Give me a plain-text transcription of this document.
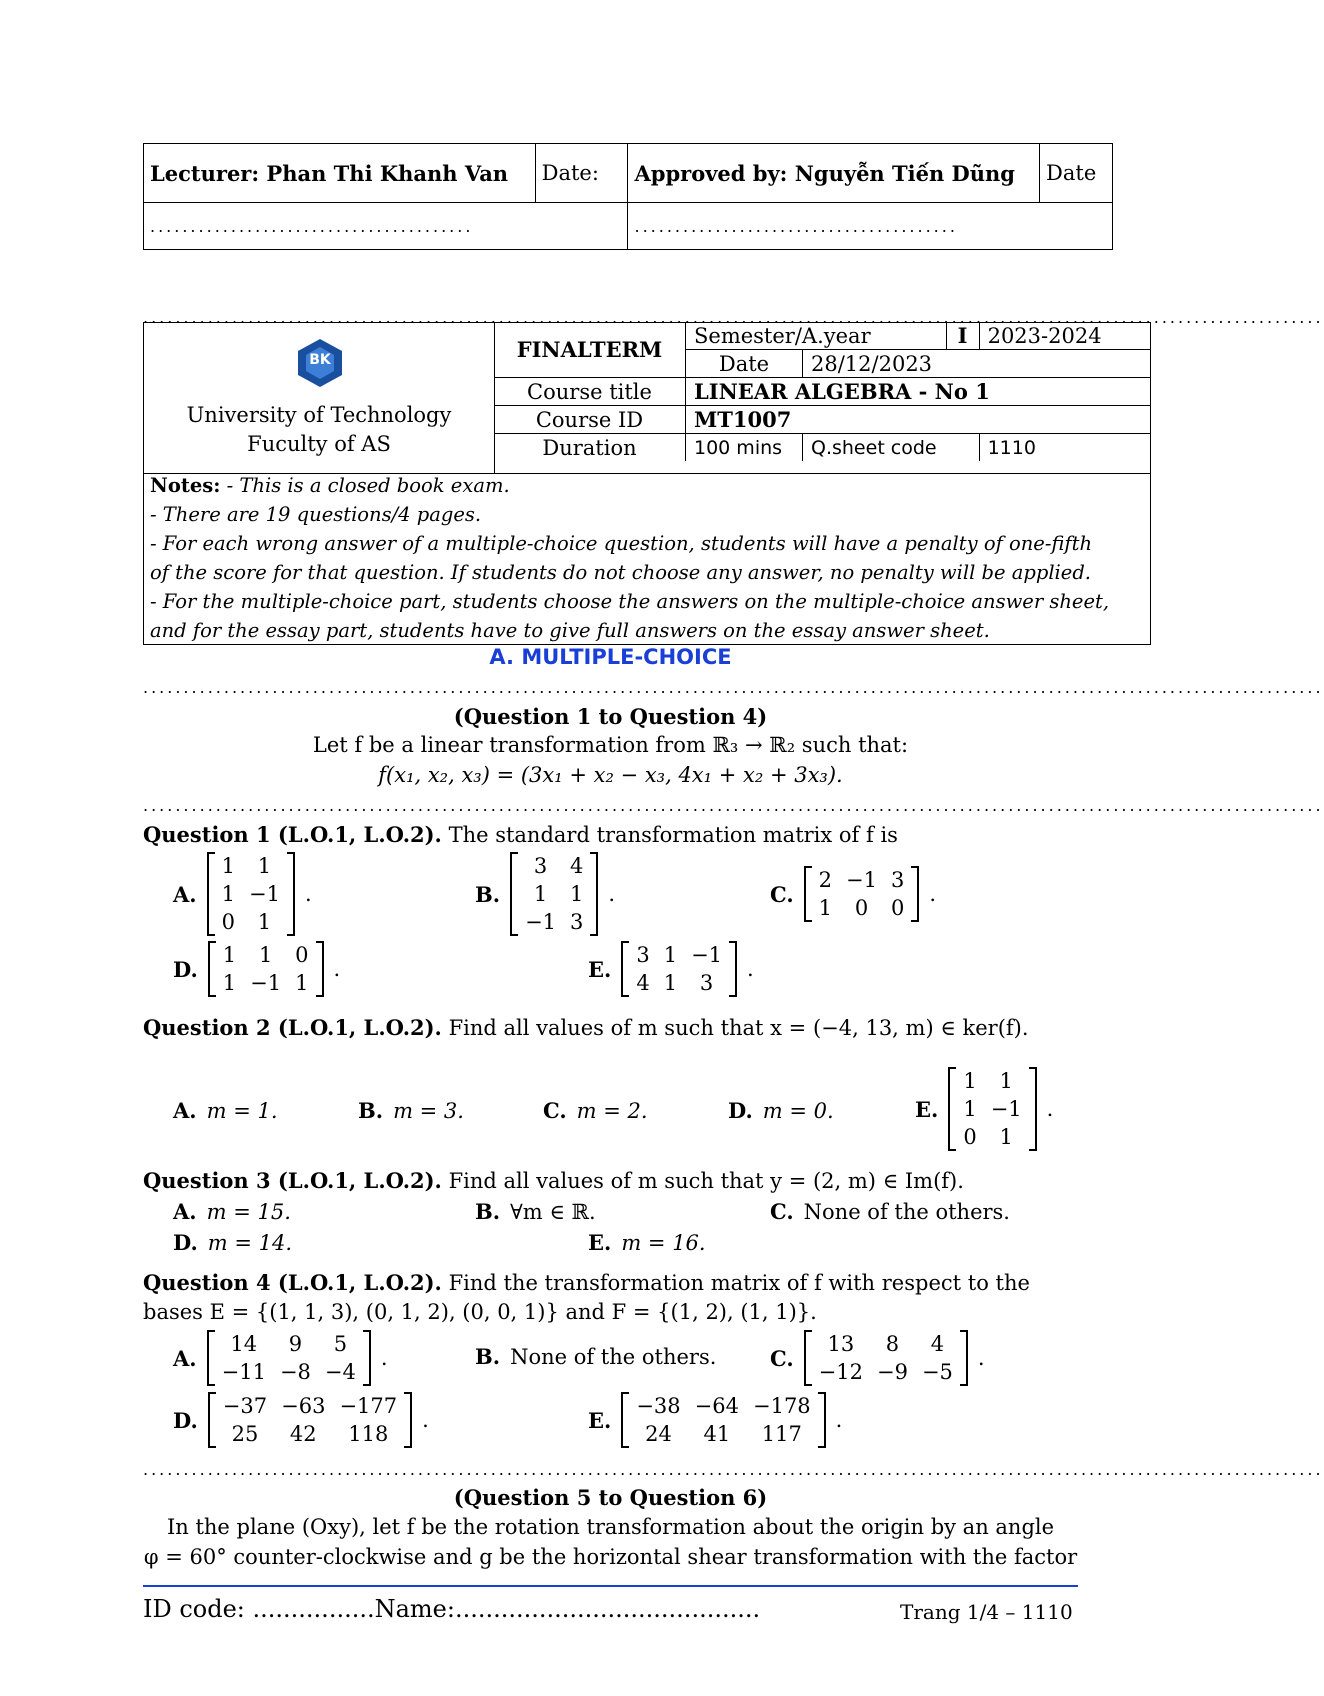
Lecturer: Phan Thi Khanh Van	Date:	Approved by: Nguyễn Tiến Dũng	Date
........................................		........................................	
..................................................................................................................................................
BK
University of Technology
Fuculty of AS
FINALTERM	Semester/A.year		I	2023-2024
	Date	28/12/2023		
Course title	LINEAR ALGEBRA - No 1			
Course ID	MT1007			
Duration	100 mins	Q.sheet code		1110
Notes: - This is a closed book exam.
- There are 19 questions/4 pages.
- For each wrong answer of a multiple-choice question, students will have a penalty of one-fifth
of the score for that question. If students do not choose any answer, no penalty will be applied.
- For the multiple-choice part, students choose the answers on the multiple-choice answer sheet,
and for the essay part, students have to give full answers on the essay answer sheet.
A. MULTIPLE-CHOICE
..................................................................................................................................................
(Question 1 to Question 4)
Let f be a linear transformation from ℝ₃ → ℝ₂ such that:
f(x₁, x₂, x₃) = (3x₁ + x₂ − x₃, 4x₁ + x₂ + 3x₃).
..................................................................................................................................................
Question 1 (L.O.1, L.O.2). The standard transformation matrix of f is
A.
1	1
1	−1
0	1
.	B.
3	4
1	1
−1	3
.	C.
2	−1	3
1	0	0
.
D.
1	1	0
1	−1	1
.	E.
3	1	−1
4	1	3
.
Question 2 (L.O.1, L.O.2). Find all values of m such that x = (−4, 13, m) ∈ ker(f).
A. m = 1.	B. m = 3.	C. m = 2.	D. m = 0.	E.
1	1
1	−1
0	1
.
Question 3 (L.O.1, L.O.2). Find all values of m such that y = (2, m) ∈ Im(f).
A. m = 15.	B. ∀m ∈ ℝ.	C. None of the others.
D. m = 14.	E. m = 16.
Question 4 (L.O.1, L.O.2). Find the transformation matrix of f with respect to the
bases E = {(1, 1, 3), (0, 1, 2), (0, 0, 1)} and F = {(1, 2), (1, 1)}.
A.
14	9	5
−11	−8	−4
.	B. None of the others.	C.
13	8	4
−12	−9	−5
.
D.
−37	−63	−177
25	42	118
.	E.
−38	−64	−178
24	41	117
.
..................................................................................................................................................
(Question 5 to Question 6)
In the plane (Oxy), let f be the rotation transformation about the origin by an angle
φ = 60° counter-clockwise and g be the horizontal shear transformation with the factor
ID code: ................Name:........................................	Trang 1/4 – 1110
